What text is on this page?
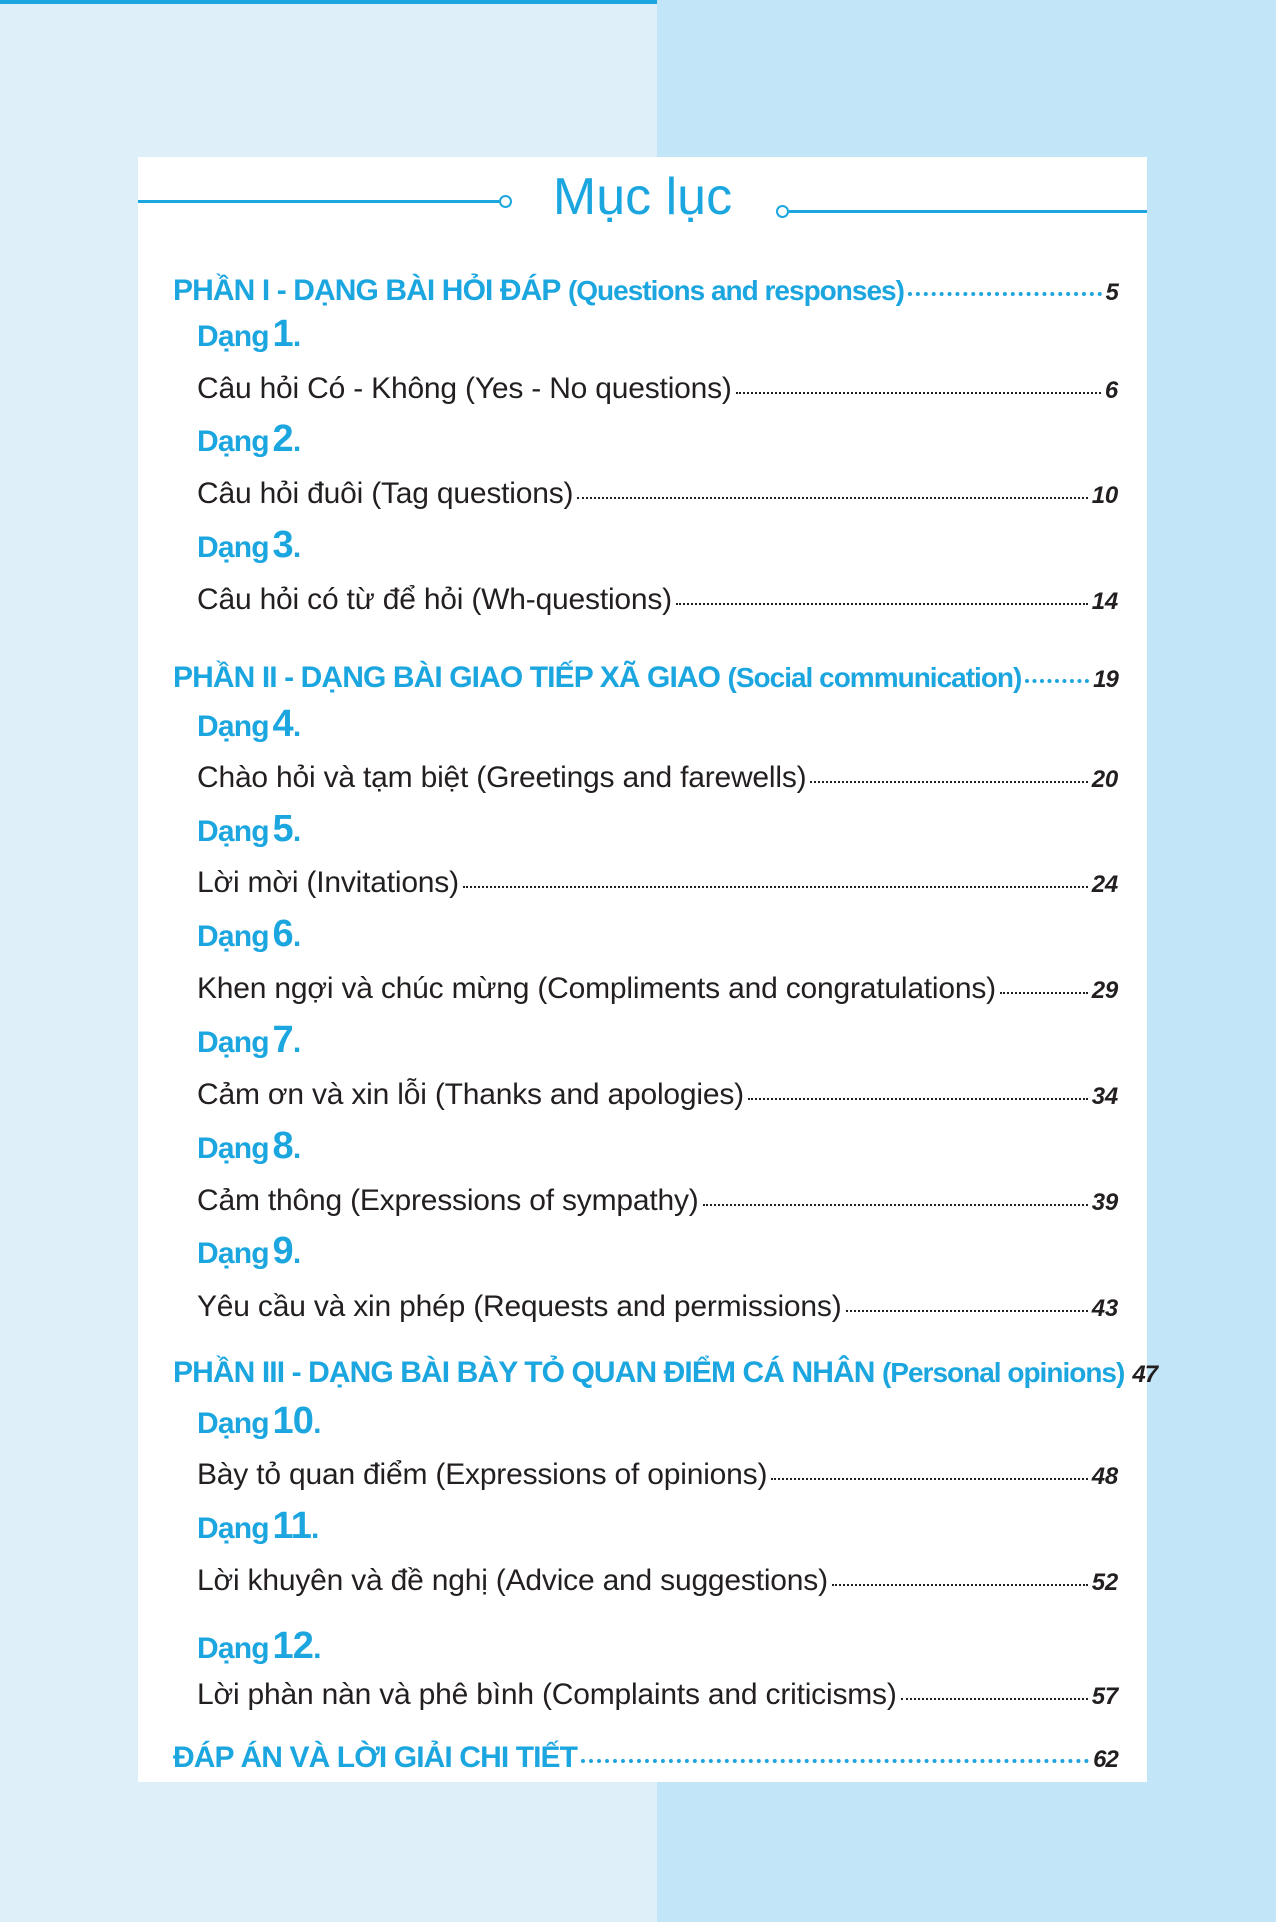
Mục lục
PHẦN I - DẠNG BÀI HỎI ĐÁP
(Questions and responses)	5
Dạng 1.
Câu hỏi Có - Không (Yes - No questions)	6
Dạng 2.
Câu hỏi đuôi (Tag questions)	10
Dạng 3.
Câu hỏi có từ để hỏi (Wh-questions)	14
PHẦN II - DẠNG BÀI GIAO TIẾP XÃ GIAO
(Social communication)	19
Dạng 4.
Chào hỏi và tạm biệt (Greetings and farewells)	20
Dạng 5.
Lời mời (Invitations)	24
Dạng 6.
Khen ngợi và chúc mừng (Compliments and congratulations)	29
Dạng 7.
Cảm ơn và xin lỗi (Thanks and apologies)	34
Dạng 8.
Cảm thông (Expressions of sympathy)	39
Dạng 9.
Yêu cầu và xin phép (Requests and permissions)	43
PHẦN III - DẠNG BÀI BÀY TỎ QUAN ĐIỂM CÁ NHÂN
(Personal opinions) 47
Dạng 10.
Bày tỏ quan điểm (Expressions of opinions)	48
Dạng 11.
Lời khuyên và đề nghị (Advice and suggestions)	52
Dạng 12.
Lời phàn nàn và phê bình (Complaints and criticisms)	57
ĐÁP ÁN VÀ LỜI GIẢI CHI TIẾT	62
